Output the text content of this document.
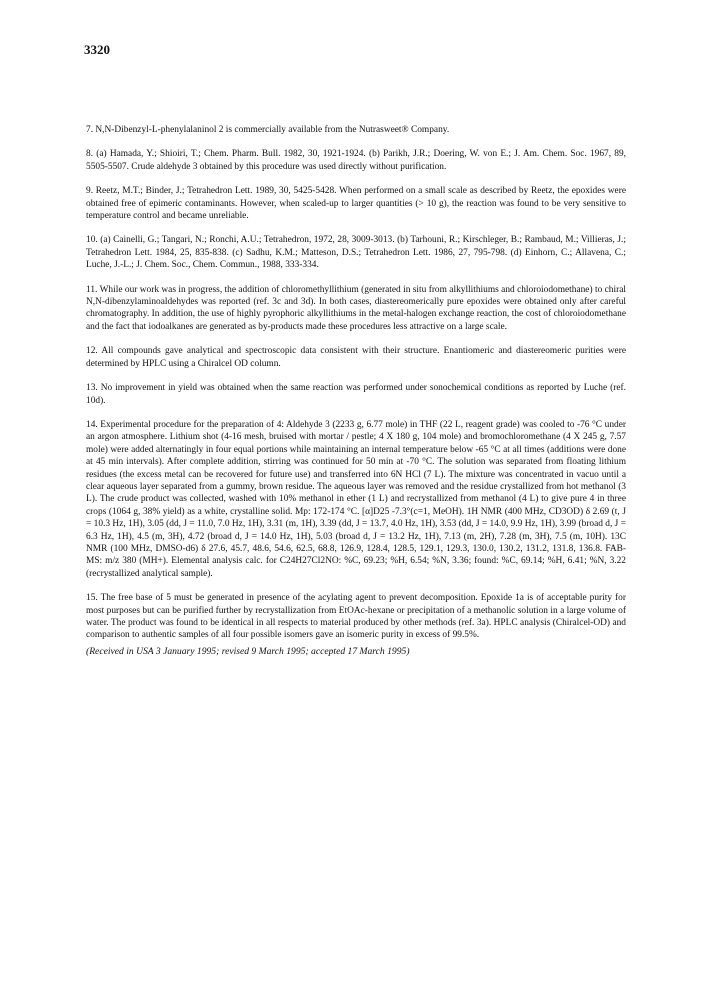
3320

7. N,N-Dibenzyl-L-phenylalaninol 2 is commercially available from the Nutrasweet® Company.

8. (a) Hamada, Y.; Shioiri, T.; Chem. Pharm. Bull. 1982, 30, 1921-1924. (b) Parikh, J.R.; Doering, W. von E.; J. Am. Chem. Soc. 1967, 89, 5505-5507. Crude aldehyde 3 obtained by this procedure was used directly without purification.

9. Reetz, M.T.; Binder, J.; Tetrahedron Lett. 1989, 30, 5425-5428. When performed on a small scale as described by Reetz, the epoxides were obtained free of epimeric contaminants. However, when scaled-up to larger quantities (> 10 g), the reaction was found to be very sensitive to temperature control and became unreliable.

10. (a) Cainelli, G.; Tangari, N.; Ronchi, A.U.; Tetrahedron, 1972, 28, 3009-3013. (b) Tarhouni, R.; Kirschleger, B.; Rambaud, M.; Villieras, J.; Tetrahedron Lett. 1984, 25, 835-838. (c) Sadhu, K.M.; Matteson, D.S.; Tetrahedron Lett. 1986, 27, 795-798. (d) Einhorn, C.; Allavena, C.; Luche, J.-L.; J. Chem. Soc., Chem. Commun., 1988, 333-334.

11. While our work was in progress, the addition of chloromethyllithium (generated in situ from alkyllithiums and chloroiodomethane) to chiral N,N-dibenzylaminoaldehydes was reported (ref. 3c and 3d). In both cases, diastereomerically pure epoxides were obtained only after careful chromatography. In addition, the use of highly pyrophoric alkyllithiums in the metal-halogen exchange reaction, the cost of chloroiodomethane and the fact that iodoalkanes are generated as by-products made these procedures less attractive on a large scale.

12. All compounds gave analytical and spectroscopic data consistent with their structure. Enantiomeric and diastereomeric purities were determined by HPLC using a Chiralcel OD column.

13. No improvement in yield was obtained when the same reaction was performed under sonochemical conditions as reported by Luche (ref. 10d).

14. Experimental procedure for the preparation of 4: Aldehyde 3 (2233 g, 6.77 mole) in THF (22 L, reagent grade) was cooled to -76 °C under an argon atmosphere. Lithium shot (4-16 mesh, bruised with mortar / pestle; 4 X 180 g, 104 mole) and bromochloromethane (4 X 245 g, 7.57 mole) were added alternatingly in four equal portions while maintaining an internal temperature below -65 °C at all times (additions were done at 45 min intervals). After complete addition, stirring was continued for 50 min at -70 °C. The solution was separated from floating lithium residues (the excess metal can be recovered for future use) and transferred into 6N HCl (7 L). The mixture was concentrated in vacuo until a clear aqueous layer separated from a gummy, brown residue. The aqueous layer was removed and the residue crystallized from hot methanol (3 L). The crude product was collected, washed with 10% methanol in ether (1 L) and recrystallized from methanol (4 L) to give pure 4 in three crops (1064 g, 38% yield) as a white, crystalline solid. Mp: 172-174 °C. [α]D25 -7.3°(c=1, MeOH). 1H NMR (400 MHz, CD3OD) δ 2.69 (t, J = 10.3 Hz, 1H), 3.05 (dd, J = 11.0, 7.0 Hz, 1H), 3.31 (m, 1H), 3.39 (dd, J = 13.7, 4.0 Hz, 1H), 3.53 (dd, J = 14.0, 9.9 Hz, 1H), 3.99 (broad d, J = 6.3 Hz, 1H), 4.5 (m, 3H), 4.72 (broad d, J = 14.0 Hz, 1H), 5.03 (broad d, J = 13.2 Hz, 1H), 7.13 (m, 2H), 7.28 (m, 3H), 7.5 (m, 10H). 13C NMR (100 MHz, DMSO-d6) δ 27.6, 45.7, 48.6, 54.6, 62.5, 68.8, 126.9, 128.4, 128.5, 129.1, 129.3, 130.0, 130.2, 131.2, 131.8, 136.8. FAB-MS: m/z 380 (MH+). Elemental analysis calc. for C24H27Cl2NO: %C, 69.23; %H, 6.54; %N, 3.36; found: %C, 69.14; %H, 6.41; %N, 3.22 (recrystallized analytical sample).

15. The free base of 5 must be generated in presence of the acylating agent to prevent decomposition. Epoxide 1a is of acceptable purity for most purposes but can be purified further by recrystallization from EtOAc-hexane or precipitation of a methanolic solution in a large volume of water. The product was found to be identical in all respects to material produced by other methods (ref. 3a). HPLC analysis (Chiralcel-OD) and comparison to authentic samples of all four possible isomers gave an isomeric purity in excess of 99.5%.

(Received in USA 3 January 1995; revised 9 March 1995; accepted 17 March 1995)
